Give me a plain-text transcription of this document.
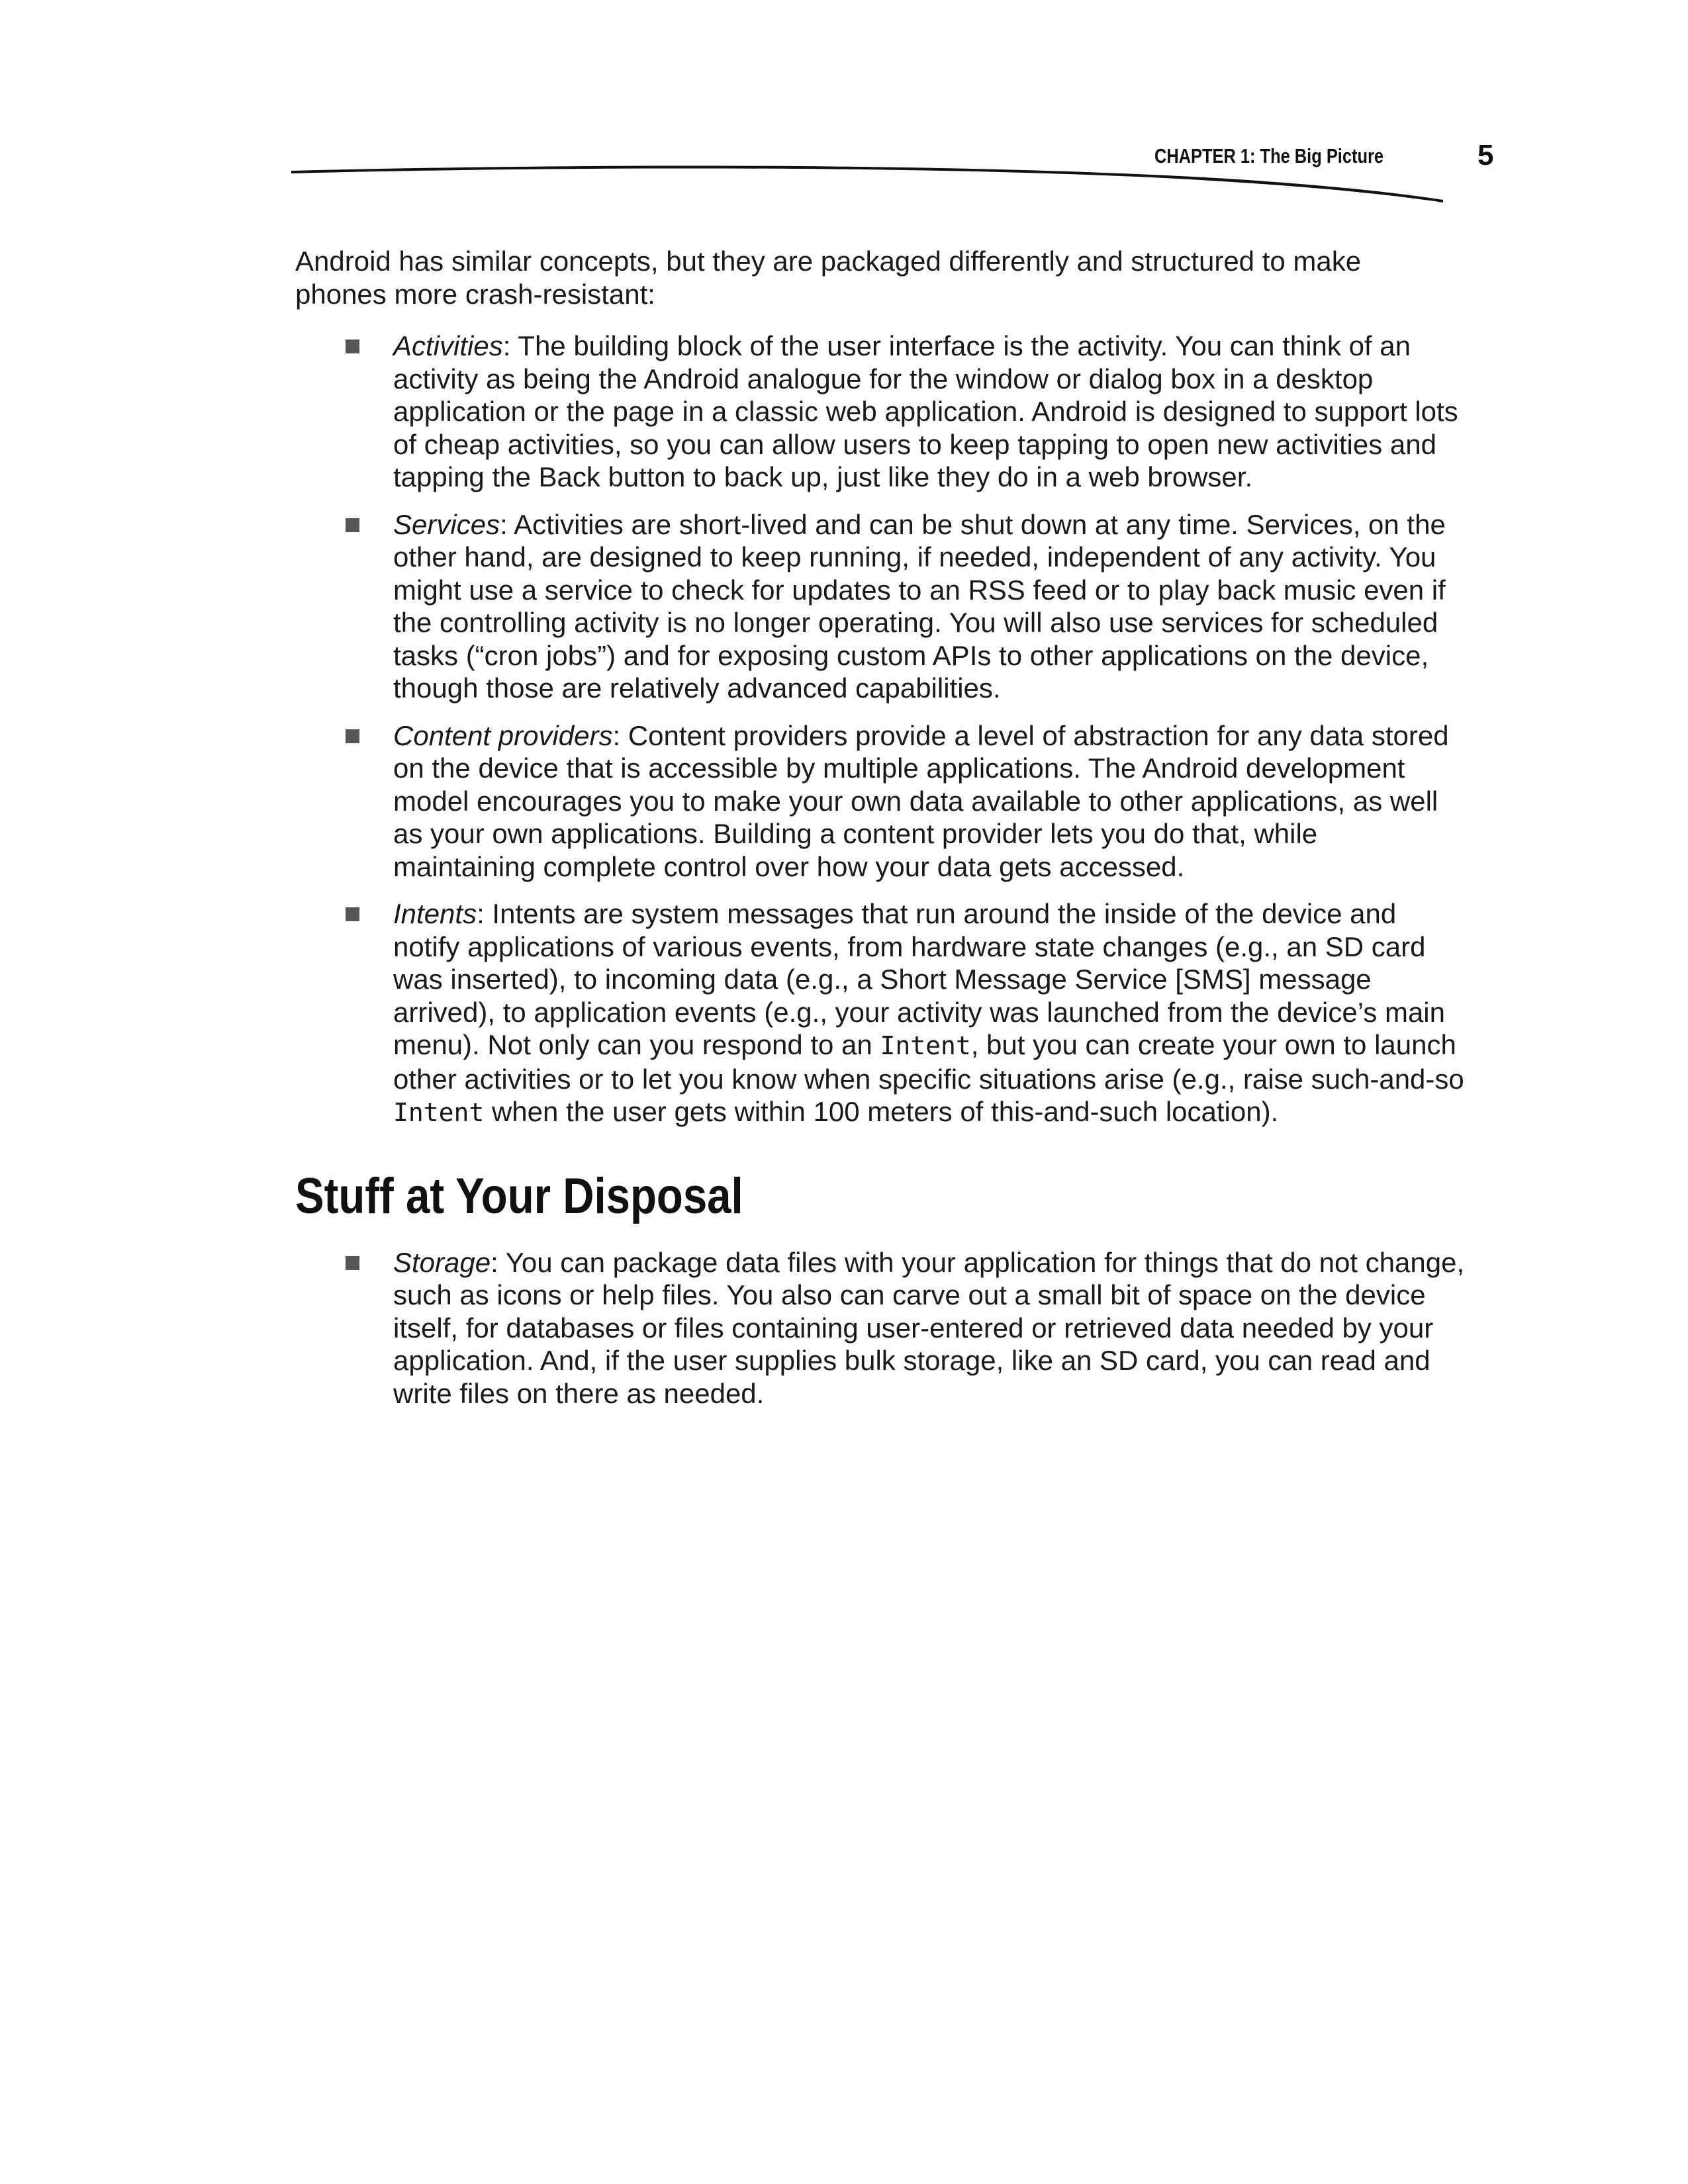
CHAPTER 1: The Big Picture	5

Android has similar concepts, but they are packaged differently and structured to make phones more crash-resistant:

Activities: The building block of the user interface is the activity. You can think of an activity as being the Android analogue for the window or dialog box in a desktop application or the page in a classic web application. Android is designed to support lots of cheap activities, so you can allow users to keep tapping to open new activities and tapping the Back button to back up, just like they do in a web browser.
Services: Activities are short-lived and can be shut down at any time. Services, on the other hand, are designed to keep running, if needed, independent of any activity. You might use a service to check for updates to an RSS feed or to play back music even if the controlling activity is no longer operating. You will also use services for scheduled tasks (“cron jobs”) and for exposing custom APIs to other applications on the device, though those are relatively advanced capabilities.
Content providers: Content providers provide a level of abstraction for any data stored on the device that is accessible by multiple applications. The Android development model encourages you to make your own data available to other applications, as well as your own applications. Building a content provider lets you do that, while maintaining complete control over how your data gets accessed.
Intents: Intents are system messages that run around the inside of the device and notify applications of various events, from hardware state changes (e.g., an SD card was inserted), to incoming data (e.g., a Short Message Service [SMS] message arrived), to application events (e.g., your activity was launched from the device’s main menu). Not only can you respond to an Intent, but you can create your own to launch other activities or to let you know when specific situations arise (e.g., raise such-and-so Intent when the user gets within 100 meters of this-and-such location).
Stuff at Your Disposal
Storage: You can package data files with your application for things that do not change, such as icons or help files. You also can carve out a small bit of space on the device itself, for databases or files containing user-entered or retrieved data needed by your application. And, if the user supplies bulk storage, like an SD card, you can read and write files on there as needed.
